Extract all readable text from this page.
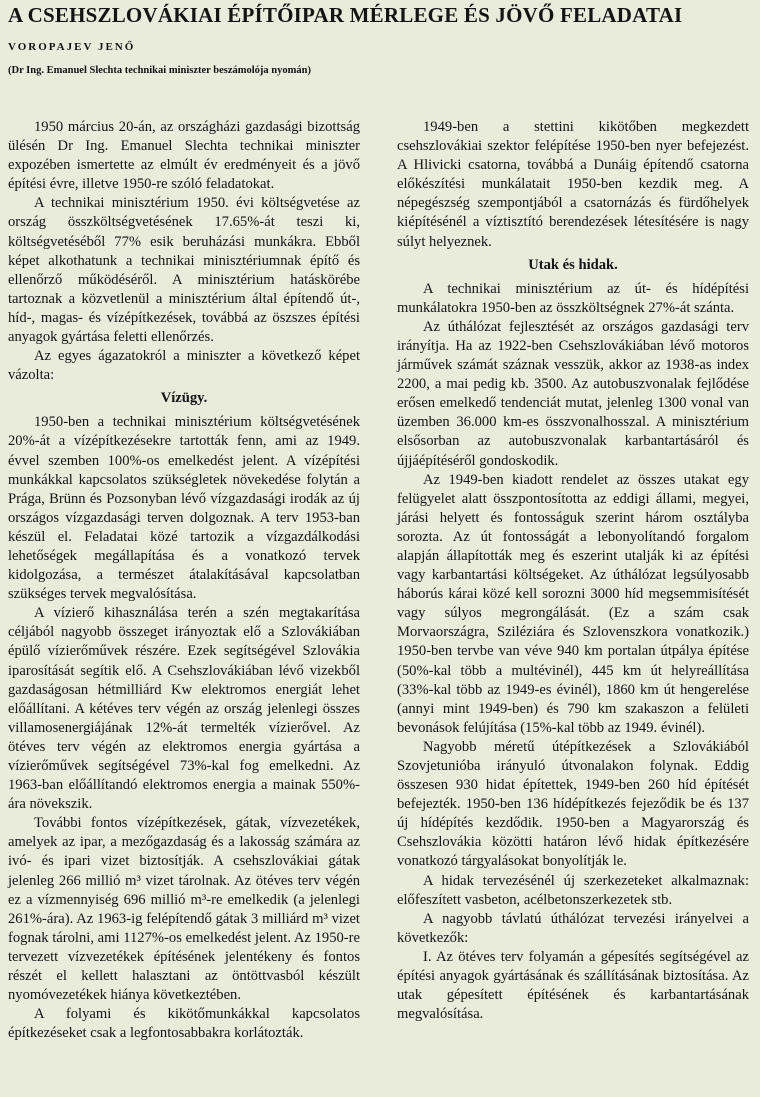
A CSEHSZLOVÁKIAI ÉPÍTŐIPAR MÉRLEGE ÉS JÖVŐ FELADATAI
VOROPAJEV JENŐ
(Dr Ing. Emanuel Slechta technikai miniszter beszámolója nyomán)

1950 március 20-án, az országházi gazdasági bizottság ülésén Dr Ing. Emanuel Slechta technikai miniszter expozében ismertette az elmúlt év eredményeit és a jövő építési évre, illetve 1950-re szóló feladatokat.

A technikai minisztérium 1950. évi költségvetése az ország összköltségvetésének 17.65%-át teszi ki, költségvetéséből 77% esik beruházási munkákra. Ebből képet alkothatunk a technikai minisztériumnak építő és ellenőrző működéséről. A minisztérium hatáskörébe tartoznak a közvetlenül a minisztérium által építendő út-, híd-, magas- és vízépítkezések, továbbá az öszszes építési anyagok gyártása feletti ellenőrzés.

Az egyes ágazatokról a miniszter a következő képet vázolta:

Vízügy.

1950-ben a technikai minisztérium költségvetésének 20%-át a vízépítkezésekre tartották fenn, ami az 1949. évvel szemben 100%-os emelkedést jelent. A vízépítési munkákkal kapcsolatos szükségletek növekedése folytán a Prága, Brünn és Pozsonyban lévő vízgazdasági irodák az új országos vízgazdasági terven dolgoznak. A terv 1953-ban készül el. Feladatai közé tartozik a vízgazdálkodási lehetőségek megállapítása és a vonatkozó tervek kidolgozása, a természet átalakításával kapcsolatban szükséges tervek megvalósítása.

A vízierő kihasználása terén a szén megtakarítása céljából nagyobb összeget irányoztak elő a Szlovákiában épülő vízierőművek részére. Ezek segítségével Szlovákia iparosítását segítik elő. A Csehszlovákiában lévő vizekből gazdaságosan hétmilliárd Kw elektromos energiát lehet előállítani. A kétéves terv végén az ország jelenlegi összes villamosenergiájának 12%-át termelték vízierővel. Az ötéves terv végén az elektromos energia gyártása a vízierőművek segítségével 73%-kal fog emelkedni. Az 1963-ban előállítandó elektromos energia a mainak 550%-ára növekszik.

További fontos vízépítkezések, gátak, vízvezetékek, amelyek az ipar, a mezőgazdaság és a lakosság számára az ivó- és ipari vizet biztosítják. A csehszlovákiai gátak jelenleg 266 millió m³ vizet tárolnak. Az ötéves terv végén ez a vízmennyiség 696 millió m³-re emelkedik (a jelenlegi 261%-ára). Az 1963-ig felépítendő gátak 3 milliárd m³ vizet fognak tárolni, ami 1127%-os emelkedést jelent. Az 1950-re tervezett vízvezetékek építésének jelentékeny és fontos részét el kellett halasztani az öntöttvasból készült nyomóvezetékek hiánya következtében.

A folyami és kikötőmunkákkal kapcsolatos építkezéseket csak a legfontosabbakra korlátozták.

1949-ben a stettini kikötőben megkezdett csehszlovákiai szektor felépítése 1950-ben nyer befejezést. A Hlivicki csatorna, továbbá a Dunáig építendő csatorna előkészítési munkálatait 1950-ben kezdik meg. A népegészség szempontjából a csatornázás és fürdőhelyek kiépítésénél a víztisztító berendezések létesítésére is nagy súlyt helyeznek.

Utak és hidak.

A technikai minisztérium az út- és hídépítési munkálatokra 1950-ben az összköltségnek 27%-át szánta.

Az úthálózat fejlesztését az országos gazdasági terv irányítja. Ha az 1922-ben Csehszlovákiában lévő motoros járművek számát száznak vesszük, akkor az 1938-as index 2200, a mai pedig kb. 3500. Az autobuszvonalak fejlődése erősen emelkedő tendenciát mutat, jelenleg 1300 vonal van üzemben 36.000 km-es összvonalhosszal. A minisztérium elsősorban az autobuszvonalak karbantartásáról és újjáépítéséről gondoskodik.

Az 1949-ben kiadott rendelet az összes utakat egy felügyelet alatt összpontosította az eddigi állami, megyei, járási helyett és fontosságuk szerint három osztályba sorozta. Az út fontosságát a lebonyolítandó forgalom alapján állapították meg és eszerint utalják ki az építési vagy karbantartási költségeket. Az úthálózat legsúlyosabb háborús kárai közé kell sorozni 3000 híd megsemmisítését vagy súlyos megrongálását. (Ez a szám csak Morvaországra, Sziléziára és Szlovenszkora vonatkozik.) 1950-ben tervbe van véve 940 km portalan útpálya építése (50%-kal több a multévinél), 445 km út helyreállítása (33%-kal több az 1949-es évinél), 1860 km út hengerelése (annyi mint 1949-ben) és 790 km szakaszon a felületi bevonások felújítása (15%-kal több az 1949. évinél).

Nagyobb méretű útépítkezések a Szlovákiából Szovjetunióba irányuló útvonalakon folynak. Eddig összesen 930 hidat építettek, 1949-ben 260 híd építését befejezték. 1950-ben 136 hídépítkezés fejeződik be és 137 új hídépítés kezdődik. 1950-ben a Magyarország és Csehszlovákia közötti határon lévő hidak építkezésére vonatkozó tárgyalásokat bonyolítják le.

A hidak tervezésénél új szerkezeteket alkalmaznak: előfeszített vasbeton, acélbetonszerkezetek stb.

A nagyobb távlatú úthálózat tervezési irányelvei a következők:

I. Az ötéves terv folyamán a gépesítés segítségével az építési anyagok gyártásának és szállításának biztosítása. Az utak gépesített építésének és karbantartásának megvalósítása.
